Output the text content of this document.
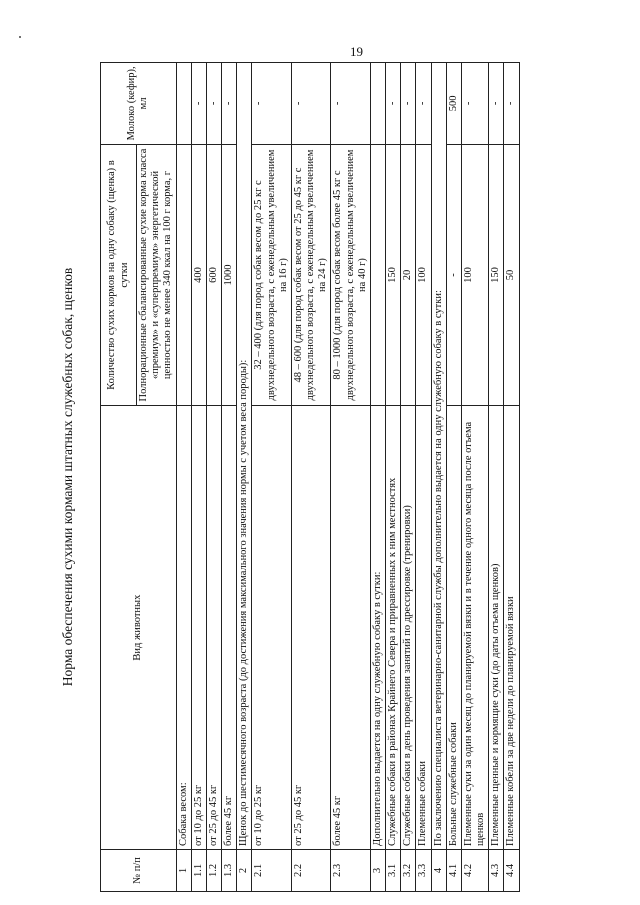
19
Норма обеспечения сухими кормами штатных служебных собак, щенков
№ п/п	Вид животных	Количество сухих кормов на одну собаку (щенка) в сутки	Молоко (кефир), мл
		Полнорационные сбалансированные сухие корма класса «премиум» и «суперпремиум» энергетической ценностью не менее 340 ккал на 100 г корма, г	
1	Собака весом:		
1.1	от 10 до 25 кг	400	-
1.2	от 25 до 45 кг	600	-
1.3	более 45 кг	1000	-
2	Щенок до шестимесячного возраста (до достижения максимального значения нормы с учетом веса породы):		
2.1	от 10 до 25 кг	32 – 400 (для пород собак весом до 25 кг с двухнедельного возраста, с еженедельным увеличением на 16 г)	-
2.2	от 25 до 45 кг	48 – 600 (для пород собак весом от 25 до 45 кг с двухнедельного возраста, с еженедельным увеличением на 24 г)	-
2.3	более 45 кг	80 – 1000 (для пород собак весом более 45 кг с двухнедельного возраста, с еженедельным увеличением на 40 г)	-
3	Дополнительно выдается на одну служебную собаку в сутки:		
3.1	Служебные собаки в районах Крайнего Севера и приравненных к ним местностях	150	-
3.2	Служебные собаки в день проведения занятий по дрессировке (тренировки)	20	-
3.3	Племенные собаки	100	-
4	По заключению специалиста ветеринарно-санитарной службы дополнительно выдается на одну служебную собаку в сутки:		
4.1	Больные служебные собаки	-	500
4.2	Племенные суки за один месяц до планируемой вязки и в течение одного месяца после отъема щенков	100	-
4.3	Племенные щенные и кормящие суки (до даты отъема щенков)	150	-
4.4	Племенные кобели за две недели до планируемой вязки	50	-
